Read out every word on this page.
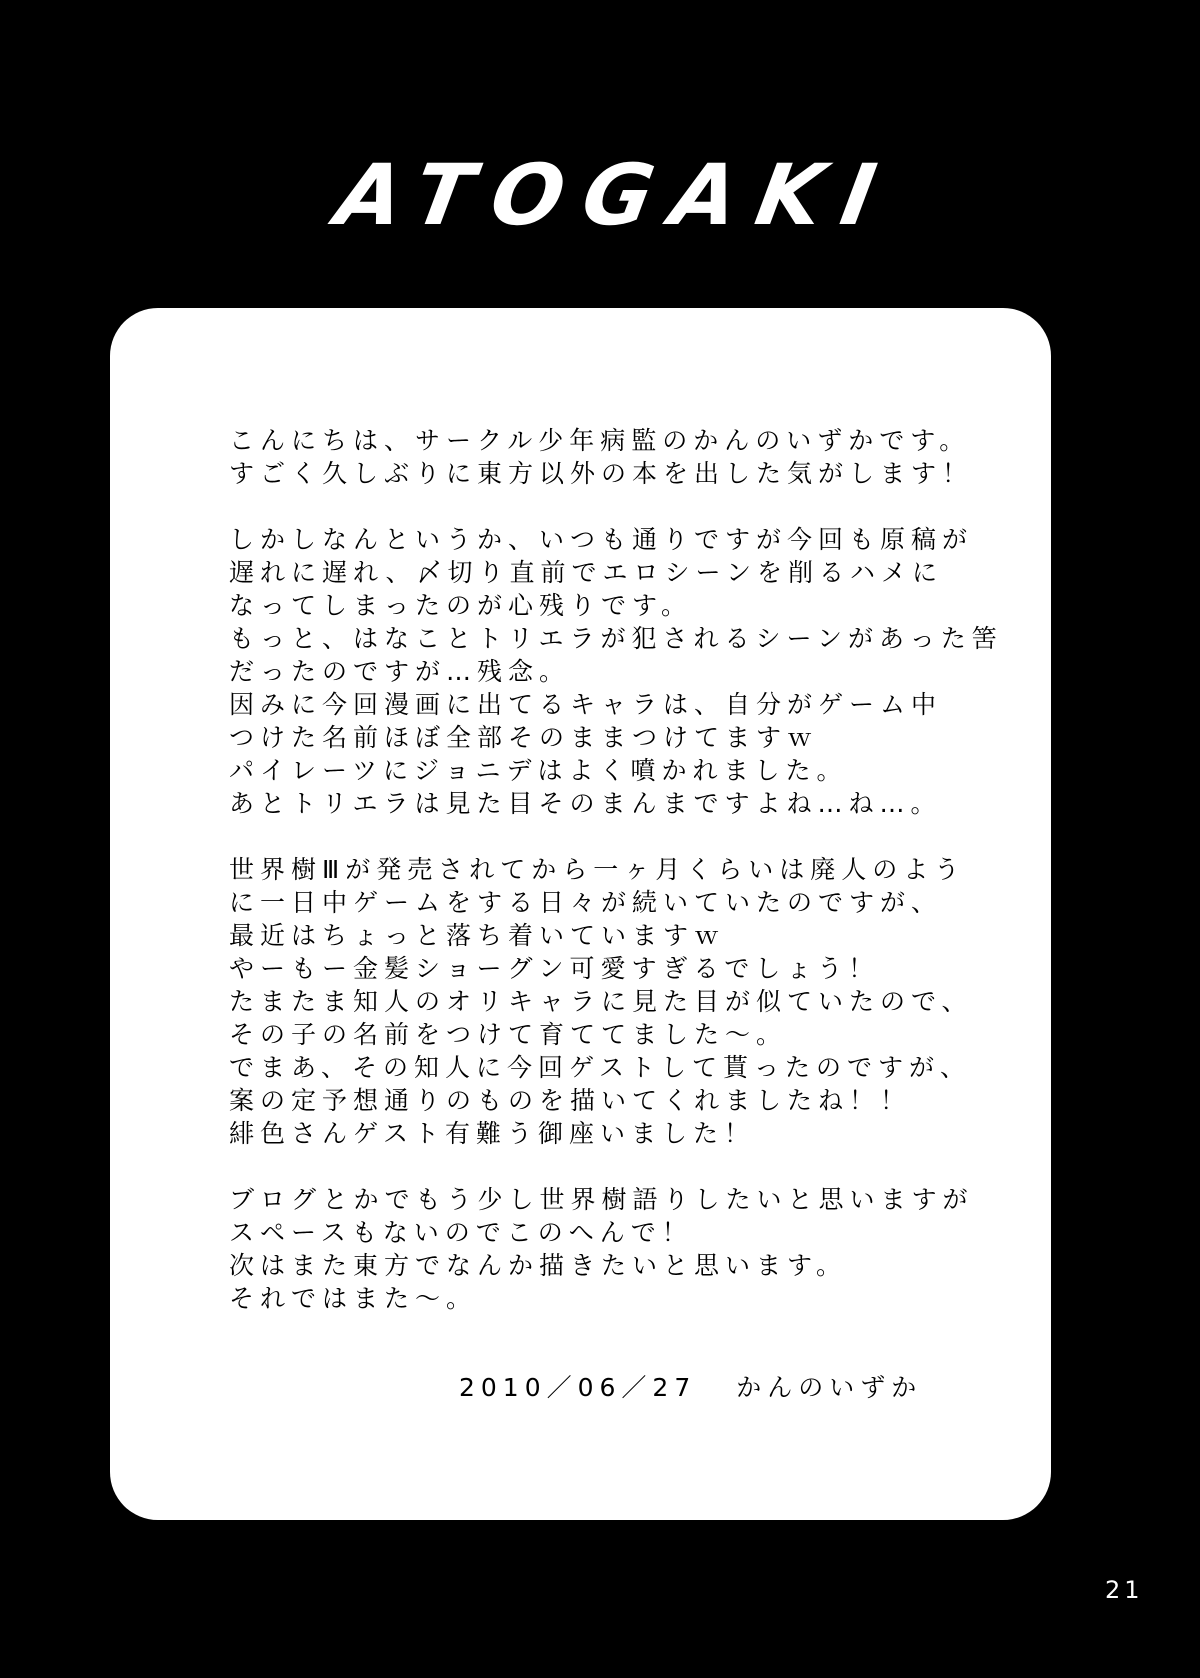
ATOGAKI
こんにちは、サークル少年病監のかんのいずかです。
すごく久しぶりに東方以外の本を出した気がします！
しかしなんというか、いつも通りですが今回も原稿が
遅れに遅れ、〆切り直前でエロシーンを削るハメに
なってしまったのが心残りです。
もっと、はなことトリエラが犯されるシーンがあった筈
だったのですが…残念。
因みに今回漫画に出てるキャラは、自分がゲーム中
つけた名前ほぼ全部そのままつけてますｗ
パイレーツにジョニデはよく噴かれました。
あとトリエラは見た目そのまんまですよね…ね…。
世界樹Ⅲが発売されてから一ヶ月くらいは廃人のよう
に一日中ゲームをする日々が続いていたのですが、
最近はちょっと落ち着いていますｗ
やーもー金髪ショーグン可愛すぎるでしょう！
たまたま知人のオリキャラに見た目が似ていたので、
その子の名前をつけて育ててました～。
でまあ、その知人に今回ゲストして貰ったのですが、
案の定予想通りのものを描いてくれましたね！！
緋色さんゲスト有難う御座いました！
ブログとかでもう少し世界樹語りしたいと思いますが
スペースもないのでこのへんで！
次はまた東方でなんか描きたいと思います。
それではまた～。
2010／06／27 かんのいずか
21
